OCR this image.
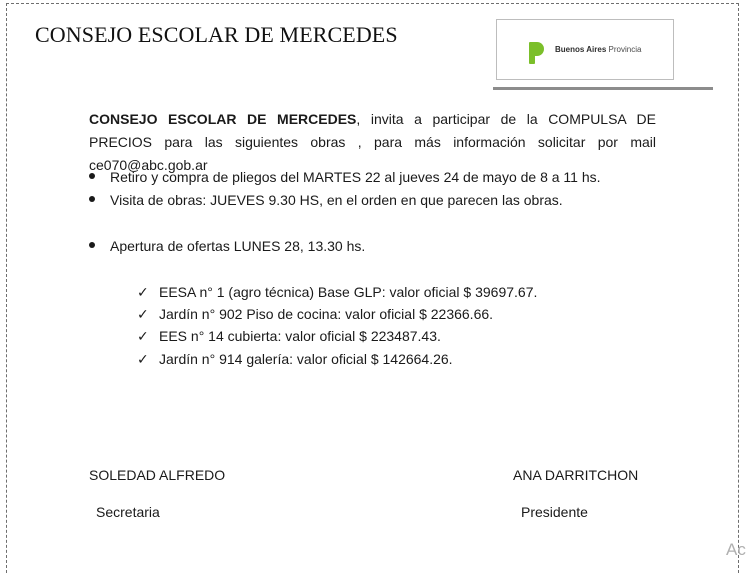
CONSEJO ESCOLAR DE MERCEDES
Buenos Aires Provincia
CONSEJO ESCOLAR DE MERCEDES, invita a participar de la COMPULSA DE PRECIOS para las siguientes obras , para más información solicitar por mail ce070@abc.gob.ar
Retiro y compra de pliegos del MARTES 22 al jueves 24 de mayo de 8 a 11 hs.
Visita de obras: JUEVES 9.30 HS, en el orden en que parecen las obras.
Apertura de ofertas LUNES 28, 13.30 hs.
✓ EESA n° 1 (agro técnica) Base GLP: valor oficial $ 39697.67.
✓ Jardín n° 902 Piso de cocina: valor oficial $ 22366.66.
✓ EES n° 14 cubierta: valor oficial $ 223487.43.
✓ Jardín n° 914 galería: valor oficial $ 142664.26.
SOLEDAD ALFREDO
Secretaria
ANA DARRITCHON
Presidente
Ac
